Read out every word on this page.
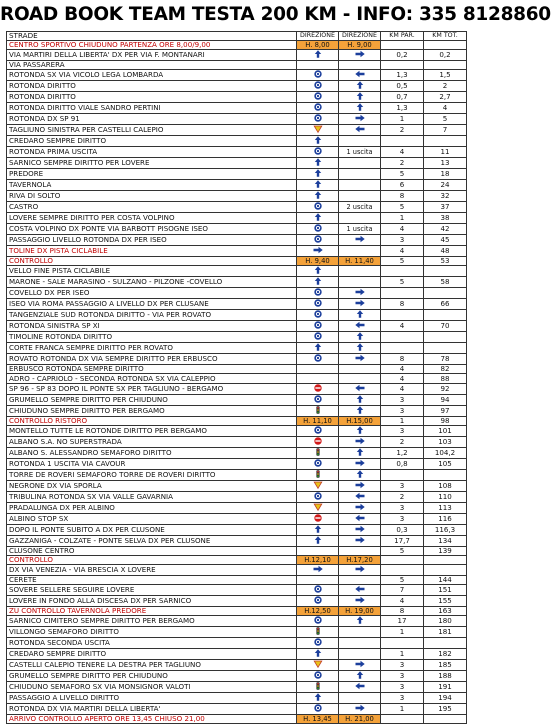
ROAD BOOK TEAM TESTA 200 KM - INFO: 335 8128860
STRADE	DIREZIONE	DIREZIONE	KM PAR.	KM TOT.
CENTRO SPORTIVO CHIUDUNO PARTENZA ORE 8,00/9,00	H. 8,00	H. 9,00		
VIA MARTIRI DELLA LIBERTA' DX PER VIA F. MONTANARI			0,2	0,2
VIA PASSARERA				
ROTONDA SX VIA VICOLO LEGA LOMBARDA			1,3	1,5
ROTONDA DIRITTO			0,5	2
ROTONDA DIRITTO			0,7	2,7
ROTONDA DIRITTO VIALE SANDRO PERTINI			1,3	4
ROTONDA DX SP 91			1	5
TAGLIUNO SINISTRA PER CASTELLI CALEPIO			2	7
CREDARO SEMPRE DIRITTO				
ROTONDA PRIMA USCITA		1 uscita	4	11
SARNICO SEMPRE DIRITTO PER LOVERE			2	13
PREDORE			5	18
TAVERNOLA			6	24
RIVA DI SOLTO			8	32
CASTRO		2 uscita	5	37
LOVERE SEMPRE DIRITTO PER COSTA VOLPINO			1	38
COSTA VOLPINO DX PONTE VIA BARBOTT PISOGNE ISEO		1 uscita	4	42
PASSAGGIO LIVELLO ROTONDA DX PER ISEO			3	45
TOLINE DX PISTA CICLABILE			4	48
CONTROLLO	H. 9,40	H. 11,40	5	53
VELLO FINE PISTA CICLABILE				
MARONE - SALE MARASINO - SULZANO - PILZONE -COVELLO			5	58
COVELLO DX PER ISEO				
ISEO VIA ROMA PASSAGGIO A LIVELLO DX PER CLUSANE			8	66
TANGENZIALE SUD ROTONDA DIRITTO - VIA PER ROVATO				
ROTONDA SINISTRA SP XI			4	70
TIMOLINE ROTONDA DIRITTO				
CORTE FRANCA SEMPRE DIRITTO PER ROVATO				
ROVATO ROTONDA DX VIA SEMPRE DIRITTO PER ERBUSCO			8	78
ERBUSCO ROTONDA SEMPRE DIRITTO			4	82
ADRO - CAPRIOLO - SECONDA ROTONDA SX VIA CALEPPIO			4	88
SP 96 - SP 83 DOPO IL PONTE SX PER TAGLIUNO - BERGAMO			4	92
GRUMELLO SEMPRE DIRITTO PER CHIUDUNO			3	94
CHIUDUNO SEMPRE DIRITTO PER BERGAMO			3	97
CONTROLLO RISTORO	H. 11,10	H.15,00	1	98
MONTELLO TUTTE LE ROTONDE DIRITTO PER BERGAMO			3	101
ALBANO S.A. NO SUPERSTRADA			2	103
ALBANO S. ALESSANDRO SEMAFORO DIRITTO			1,2	104,2
ROTONDA 1 USCITA VIA CAVOUR			0,8	105
TORRE DE ROVERI SEMAFORO TORRE DE ROVERI DIRITTO				
NEGRONE DX VIA SPORLA			3	108
TRIBULINA ROTONDA SX VIA VALLE GAVARNIA			2	110
PRADALUNGA DX PER ALBINO			3	113
ALBINO STOP SX			3	116
DOPO IL PONTE SUBITO A DX PER CLUSONE			0,3	116,3
GAZZANIGA - COLZATE - PONTE SELVA DX PER CLUSONE			17,7	134
CLUSONE CENTRO			5	139
CONTROLLO	H.12,10	H.17,20		
DX VIA VENEZIA - VIA BRESCIA X LOVERE				
CERETE			5	144
SOVERE SELLERE SEGUIRE LOVERE			7	151
LOVERE IN FONDO ALLA DISCESA DX PER SARNICO			4	155
ZU CONTROLLO TAVERNOLA PREDORE	H.12,50	H. 19,00	8	163
SARNICO CIMITERO SEMPRE DIRITTO PER BERGAMO			17	180
VILLONGO SEMAFORO DIRITTO			1	181
ROTONDA SECONDA USCITA				
CREDARO SEMPRE DIRITTO			1	182
CASTELLI CALEPIO TENERE LA DESTRA PER TAGLIUNO			3	185
GRUMELLO SEMPRE DIRITTO PER CHIUDUNO			3	188
CHIUDUNO SEMAFORO SX VIA MONSIGNOR VALOTI			3	191
PASSAGGIO A LIVELLO DIRITTO			3	194
ROTONDA DX VIA MARTIRI DELLA LIBERTA'			1	195
ARRIVO CONTROLLO APERTO ORE 13,45 CHIUSO 21,00	H. 13,45	H. 21,00		
